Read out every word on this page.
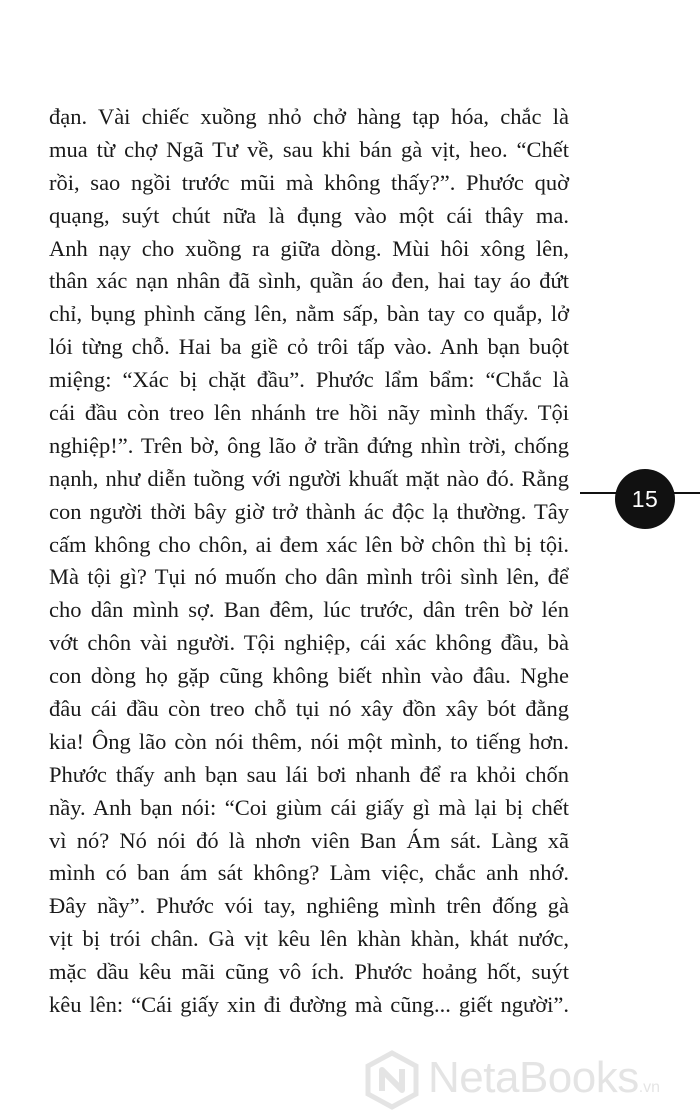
đạn. Vài chiếc xuồng nhỏ chở hàng tạp hóa, chắc là
mua từ chợ Ngã Tư về, sau khi bán gà vịt, heo. “Chết
rồi, sao ngồi trước mũi mà không thấy?”. Phước quờ
quạng, suýt chút nữa là đụng vào một cái thây ma.
Anh nạy cho xuồng ra giữa dòng. Mùi hôi xông lên,
thân xác nạn nhân đã sình, quần áo đen, hai tay áo đứt
chỉ, bụng phình căng lên, nằm sấp, bàn tay co quắp, lở
lói từng chỗ. Hai ba giề cỏ trôi tấp vào. Anh bạn buột
miệng: “Xác bị chặt đầu”. Phước lẩm bẩm: “Chắc là
cái đầu còn treo lên nhánh tre hồi nãy mình thấy. Tội
nghiệp!”. Trên bờ, ông lão ở trần đứng nhìn trời, chống
nạnh, như diễn tuồng với người khuất mặt nào đó. Rằng
con người thời bây giờ trở thành ác độc lạ thường. Tây
cấm không cho chôn, ai đem xác lên bờ chôn thì bị tội.
Mà tội gì? Tụi nó muốn cho dân mình trôi sình lên, để
cho dân mình sợ. Ban đêm, lúc trước, dân trên bờ lén
vớt chôn vài người. Tội nghiệp, cái xác không đầu, bà
con dòng họ gặp cũng không biết nhìn vào đâu. Nghe
đâu cái đầu còn treo chỗ tụi nó xây đồn xây bót đằng
kia! Ông lão còn nói thêm, nói một mình, to tiếng hơn.
Phước thấy anh bạn sau lái bơi nhanh để ra khỏi chốn
nầy. Anh bạn nói: “Coi giùm cái giấy gì mà lại bị chết
vì nó? Nó nói đó là nhơn viên Ban Ám sát. Làng xã
mình có ban ám sát không? Làm việc, chắc anh nhớ.
Đây nầy”. Phước vói tay, nghiêng mình trên đống gà
vịt bị trói chân. Gà vịt kêu lên khàn khàn, khát nước,
mặc dầu kêu mãi cũng vô ích. Phước hoảng hốt, suýt
kêu lên: “Cái giấy xin đi đường mà cũng... giết người”.
15
NetaBooks.vn
